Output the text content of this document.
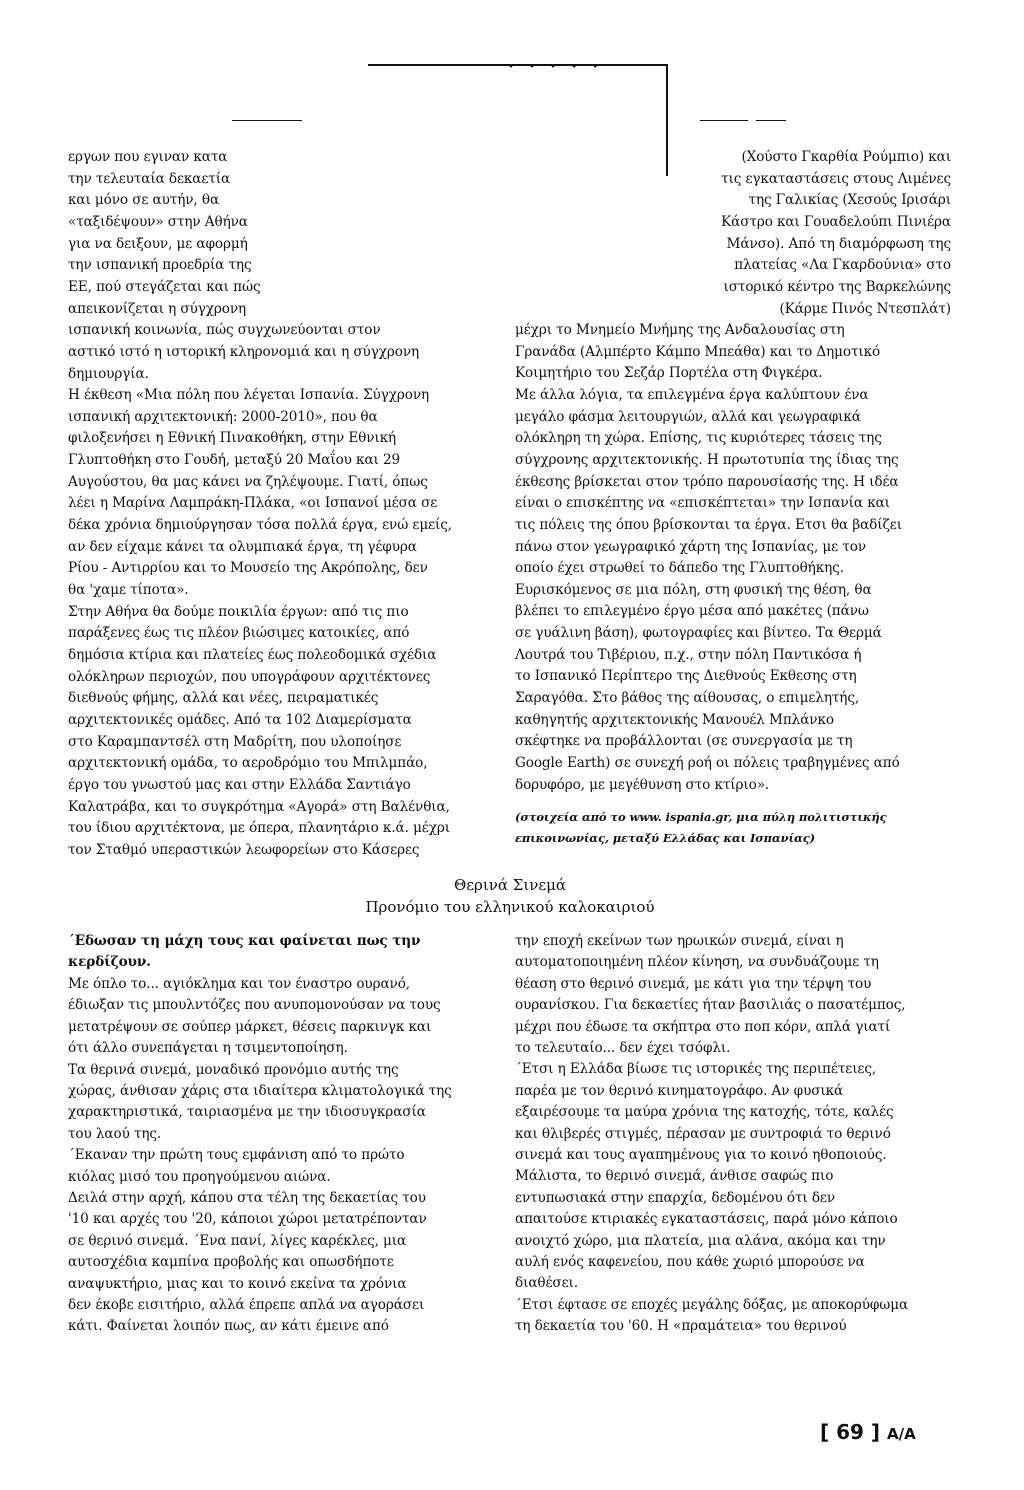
• • • • •
εργων που εγιναν κατα
την τελευταία δεκαετία
και μόνο σε αυτήν, θα
«ταξιδέψουν» στην Αθήνα
για να δειξουν, με αφορμή
την ισπανική προεδρία της
ΕΕ, πού στεγάζεται και πώς
απεικονίζεται η σύγχρονη
ισπανική κοινωνία, πώς συγχωνεύονται στον
αστικό ιστό η ιστορική κληρονομιά και η σύγχρονη
δημιουργία.
Η έκθεση «Μια πόλη που λέγεται Ισπανία. Σύγχρονη
ισπανική αρχιτεκτονική: 2000-2010», που θα
φιλοξενήσει η Εθνική Πινακοθήκη, στην Εθνική
Γλυπτοθήκη στο Γουδή, μεταξύ 20 Μαΐου και 29
Αυγούστου, θα μας κάνει να ζηλέψουμε. Γιατί, όπως
λέει η Μαρίνα Λαμπράκη-Πλάκα, «οι Ισπανοί μέσα σε
δέκα χρόνια δημιούργησαν τόσα πολλά έργα, ενώ εμείς,
αν δεν είχαμε κάνει τα ολυμπιακά έργα, τη γέφυρα
Ρίου - Αντιρρίου και το Μουσείο της Ακρόπολης, δεν
θα 'χαμε τίποτα».
Στην Αθήνα θα δούμε ποικιλία έργων: από τις πιο
παράξενες έως τις πλέον βιώσιμες κατοικίες, από
δημόσια κτίρια και πλατείες έως πολεοδομικά σχέδια
ολόκληρων περιοχών, που υπογράφουν αρχιτέκτονες
διεθνούς φήμης, αλλά και νέες, πειραματικές
αρχιτεκτονικές ομάδες. Από τα 102 Διαμερίσματα
στο Καραμπαντσέλ στη Μαδρίτη, που υλοποίησε
αρχιτεκτονική ομάδα, το αεροδρόμιο του Μπιλμπάο,
έργο του γνωστού μας και στην Ελλάδα Σαντιάγο
Καλατράβα, και το συγκρότημα «Αγορά» στη Βαλένθια,
του ίδιου αρχιτέκτονα, με όπερα, πλανητάριο κ.ά. μέχρι
τον Σταθμό υπεραστικών λεωφορείων στο Κάσερες
(Χούστο Γκαρθία Ρούμπιο) και
τις εγκαταστάσεις στους Λιμένες
της Γαλικίας (Χεσούς Ιρισάρι
Κάστρο και Γουαδελούπι Πινιέρα
Μάνσο). Από τη διαμόρφωση της
πλατείας «Λα Γκαρδούνια» στο
ιστορικό κέντρο της Βαρκελώνης
(Κάρμε Πινός Ντεσπλάτ)
μέχρι το Μνημείο Μνήμης της Ανδαλουσίας στη
Γρανάδα (Αλμπέρτο Κάμπο Μπεάθα) και το Δημοτικό
Κοιμητήριο του Σεζάρ Πορτέλα στη Φιγκέρα.
Με άλλα λόγια, τα επιλεγμένα έργα καλύπτουν ένα
μεγάλο φάσμα λειτουργιών, αλλά και γεωγραφικά
ολόκληρη τη χώρα. Επίσης, τις κυριότερες τάσεις της
σύγχρονης αρχιτεκτονικής. Η πρωτοτυπία της ίδιας της
έκθεσης βρίσκεται στον τρόπο παρουσίασής της. Η ιδέα
είναι ο επισκέπτης να «επισκέπτεται» την Ισπανία και
τις πόλεις της όπου βρίσκονται τα έργα. Ετσι θα βαδίζει
πάνω στον γεωγραφικό χάρτη της Ισπανίας, με τον
οποίο έχει στρωθεί το δάπεδο της Γλυπτοθήκης.
Ευρισκόμενος σε μια πόλη, στη φυσική της θέση, θα
βλέπει το επιλεγμένο έργο μέσα από μακέτες (πάνω
σε γυάλινη βάση), φωτογραφίες και βίντεο. Τα Θερμά
Λουτρά του Τιβέριου, π.χ., στην πόλη Παντικόσα ή
το Ισπανικό Περίπτερο της Διεθνούς Εκθεσης στη
Σαραγόθα. Στο βάθος της αίθουσας, ο επιμελητής,
καθηγητής αρχιτεκτονικής Μανουέλ Μπλάνκο
σκέφτηκε να προβάλλονται (σε συνεργασία με τη
Google Earth) σε συνεχή ροή οι πόλεις τραβηγμένες από
δορυφόρο, με μεγέθυνση στο κτίριο».
(στοιχεία από το www. ispania.gr, μια πύλη πολιτιστικής
επικοινωνίας, μεταξύ Ελλάδας και Ισπανίας)
Θερινά Σινεμά
Προνόμιο του ελληνικού καλοκαιριού
΄Εδωσαν τη μάχη τους και φαίνεται πως την
κερδίζουν.
Με όπλο το... αγιόκλημα και τον έναστρο ουρανό,
έδιωξαν τις μπουλντόζες που ανυπομονούσαν να τους
μετατρέψουν σε σούπερ μάρκετ, θέσεις παρκινγκ και
ότι άλλο συνεπάγεται η τσιμεντοποίηση.
Τα θερινά σινεμά, μοναδικό προνόμιο αυτής της
χώρας, άνθισαν χάρις στα ιδιαίτερα κλιματολογικά της
χαρακτηριστικά, ταιριασμένα με την ιδιοσυγκρασία
του λαού της.
΄Εκαναν την πρώτη τους εμφάνιση από το πρώτο
κιόλας μισό του προηγούμενου αιώνα.
Δειλά στην αρχή, κάπου στα τέλη της δεκαετίας του
'10 και αρχές του '20, κάποιοι χώροι μετατρέπονταν
σε θερινό σινεμά. ΄Ενα πανί, λίγες καρέκλες, μια
αυτοσχέδια καμπίνα προβολής και οπωσδήποτε
αναψυκτήριο, μιας και το κοινό εκείνα τα χρόνια
δεν έκοβε εισιτήριο, αλλά έπρεπε απλά να αγοράσει
κάτι. Φαίνεται λοιπόν πως, αν κάτι έμεινε από
την εποχή εκείνων των ηρωικών σινεμά, είναι η
αυτοματοποιημένη πλέον κίνηση, να συνδυάζουμε τη
θέαση στο θερινό σινεμά, με κάτι για την τέρψη του
ουρανίσκου. Για δεκαετίες ήταν βασιλιάς ο πασατέμπος,
μέχρι που έδωσε τα σκήπτρα στο ποπ κόρν, απλά γιατί
το τελευταίο... δεν έχει τσόφλι.
΄Ετσι η Ελλάδα βίωσε τις ιστορικές της περιπέτειες,
παρέα με τον θερινό κινηματογράφο. Αν φυσικά
εξαιρέσουμε τα μαύρα χρόνια της κατοχής, τότε, καλές
και θλιβερές στιγμές, πέρασαν με συντροφιά το θερινό
σινεμά και τους αγαπημένους για το κοινό ηθοποιούς.
Μάλιστα, το θερινό σινεμά, άνθισε σαφώς πιο
εντυπωσιακά στην επαρχία, δεδομένου ότι δεν
απαιτούσε κτιριακές εγκαταστάσεις, παρά μόνο κάποιο
ανοιχτό χώρο, μια πλατεία, μια αλάνα, ακόμα και την
αυλή ενός καφενείου, που κάθε χωριό μπορούσε να
διαθέσει.
΄Ετσι έφτασε σε εποχές μεγάλης δόξας, με αποκορύφωμα
τη δεκαετία του '60. Η «πραμάτεια» του θερινού
[ 69 ] A/A
